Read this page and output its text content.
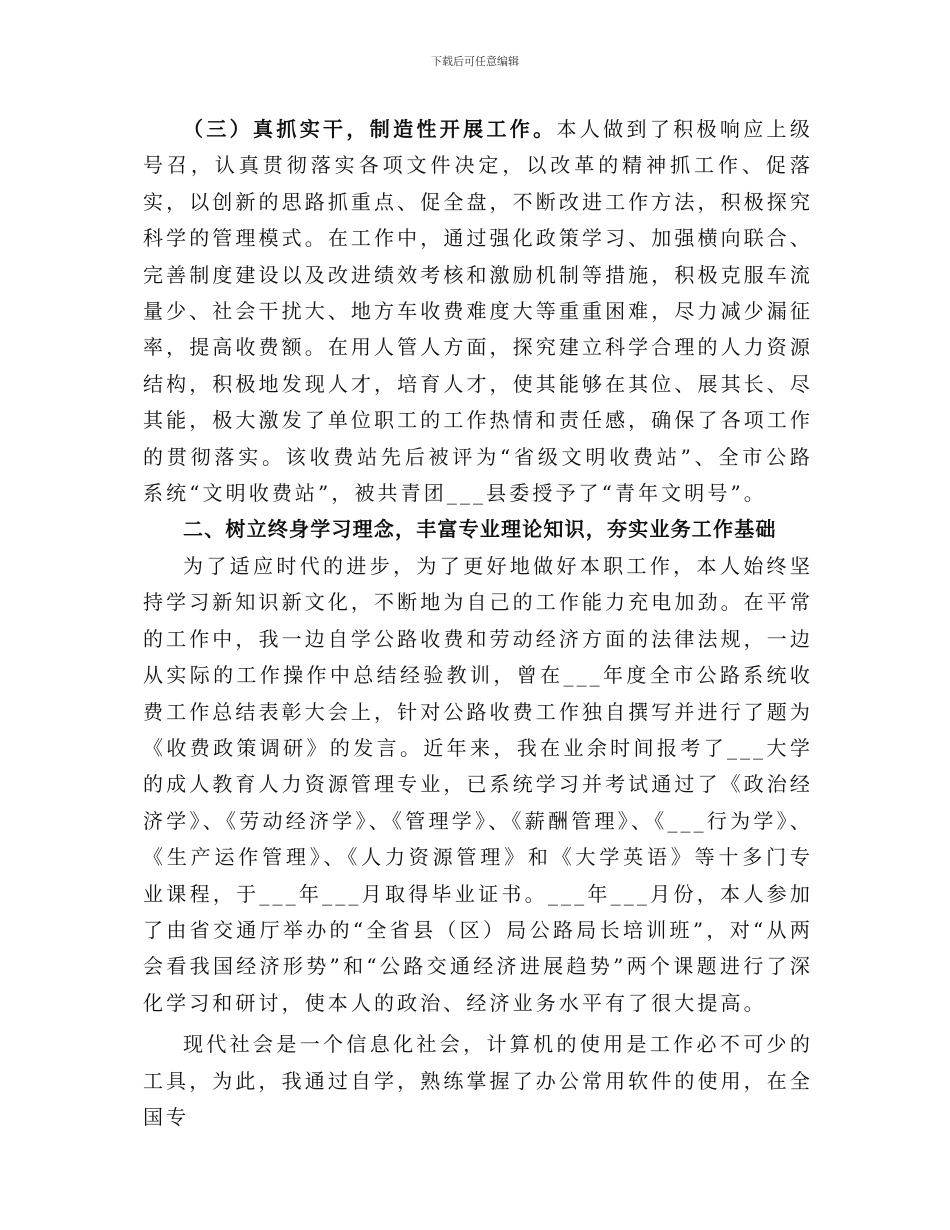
下载后可任意编辑

（三）真抓实干，制造性开展工作。本人做到了积极响应上级号召，认真贯彻落实各项文件决定，以改革的精神抓工作、促落实，以创新的思路抓重点、促全盘，不断改进工作方法，积极探究科学的管理模式。在工作中，通过强化政策学习、加强横向联合、完善制度建设以及改进绩效考核和激励机制等措施，积极克服车流量少、社会干扰大、地方车收费难度大等重重困难，尽力减少漏征率，提高收费额。在用人管人方面，探究建立科学合理的人力资源结构，积极地发现人才，培育人才，使其能够在其位、展其长、尽其能，极大激发了单位职工的工作热情和责任感，确保了各项工作的贯彻落实。该收费站先后被评为“省级文明收费站”、全市公路系统“文明收费站”，被共青团___县委授予了“青年文明号”。

二、树立终身学习理念，丰富专业理论知识，夯实业务工作基础

为了适应时代的进步，为了更好地做好本职工作，本人始终坚持学习新知识新文化，不断地为自己的工作能力充电加劲。在平常的工作中，我一边自学公路收费和劳动经济方面的法律法规，一边从实际的工作操作中总结经验教训，曾在___年度全市公路系统收费工作总结表彰大会上，针对公路收费工作独自撰写并进行了题为《收费政策调研》的发言。近年来，我在业余时间报考了___大学的成人教育人力资源管理专业，已系统学习并考试通过了《政治经济学》、《劳动经济学》、《管理学》、《薪酬管理》、《___行为学》、《生产运作管理》、《人力资源管理》和《大学英语》等十多门专业课程，于___年___月取得毕业证书。___年___月份，本人参加了由省交通厅举办的“全省县（区）局公路局长培训班”，对“从两会看我国经济形势”和“公路交通经济进展趋势”两个课题进行了深化学习和研讨，使本人的政治、经济业务水平有了很大提高。

现代社会是一个信息化社会，计算机的使用是工作必不可少的工具，为此，我通过自学，熟练掌握了办公常用软件的使用，在全国专
